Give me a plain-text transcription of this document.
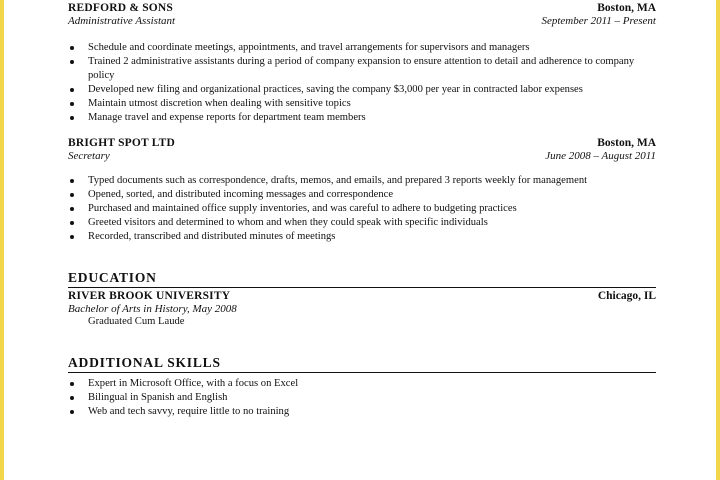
REDFORD & SONS	Boston, MA
Administrative Assistant	September 2011 – Present
Schedule and coordinate meetings, appointments, and travel arrangements for supervisors and managers
Trained 2 administrative assistants during a period of company expansion to ensure attention to detail and adherence to company policy
Developed new filing and organizational practices, saving the company $3,000 per year in contracted labor expenses
Maintain utmost discretion when dealing with sensitive topics
Manage travel and expense reports for department team members
BRIGHT SPOT LTD	Boston, MA
Secretary	June 2008 – August 2011
Typed documents such as correspondence, drafts, memos, and emails, and prepared 3 reports weekly for management
Opened, sorted, and distributed incoming messages and correspondence
Purchased and maintained office supply inventories, and was careful to adhere to budgeting practices
Greeted visitors and determined to whom and when they could speak with specific individuals
Recorded, transcribed and distributed minutes of meetings
EDUCATION
RIVER BROOK UNIVERSITY	Chicago, IL
Bachelor of Arts in History, May 2008
Graduated Cum Laude
ADDITIONAL SKILLS
Expert in Microsoft Office, with a focus on Excel
Bilingual in Spanish and English
Web and tech savvy, require little to no training
